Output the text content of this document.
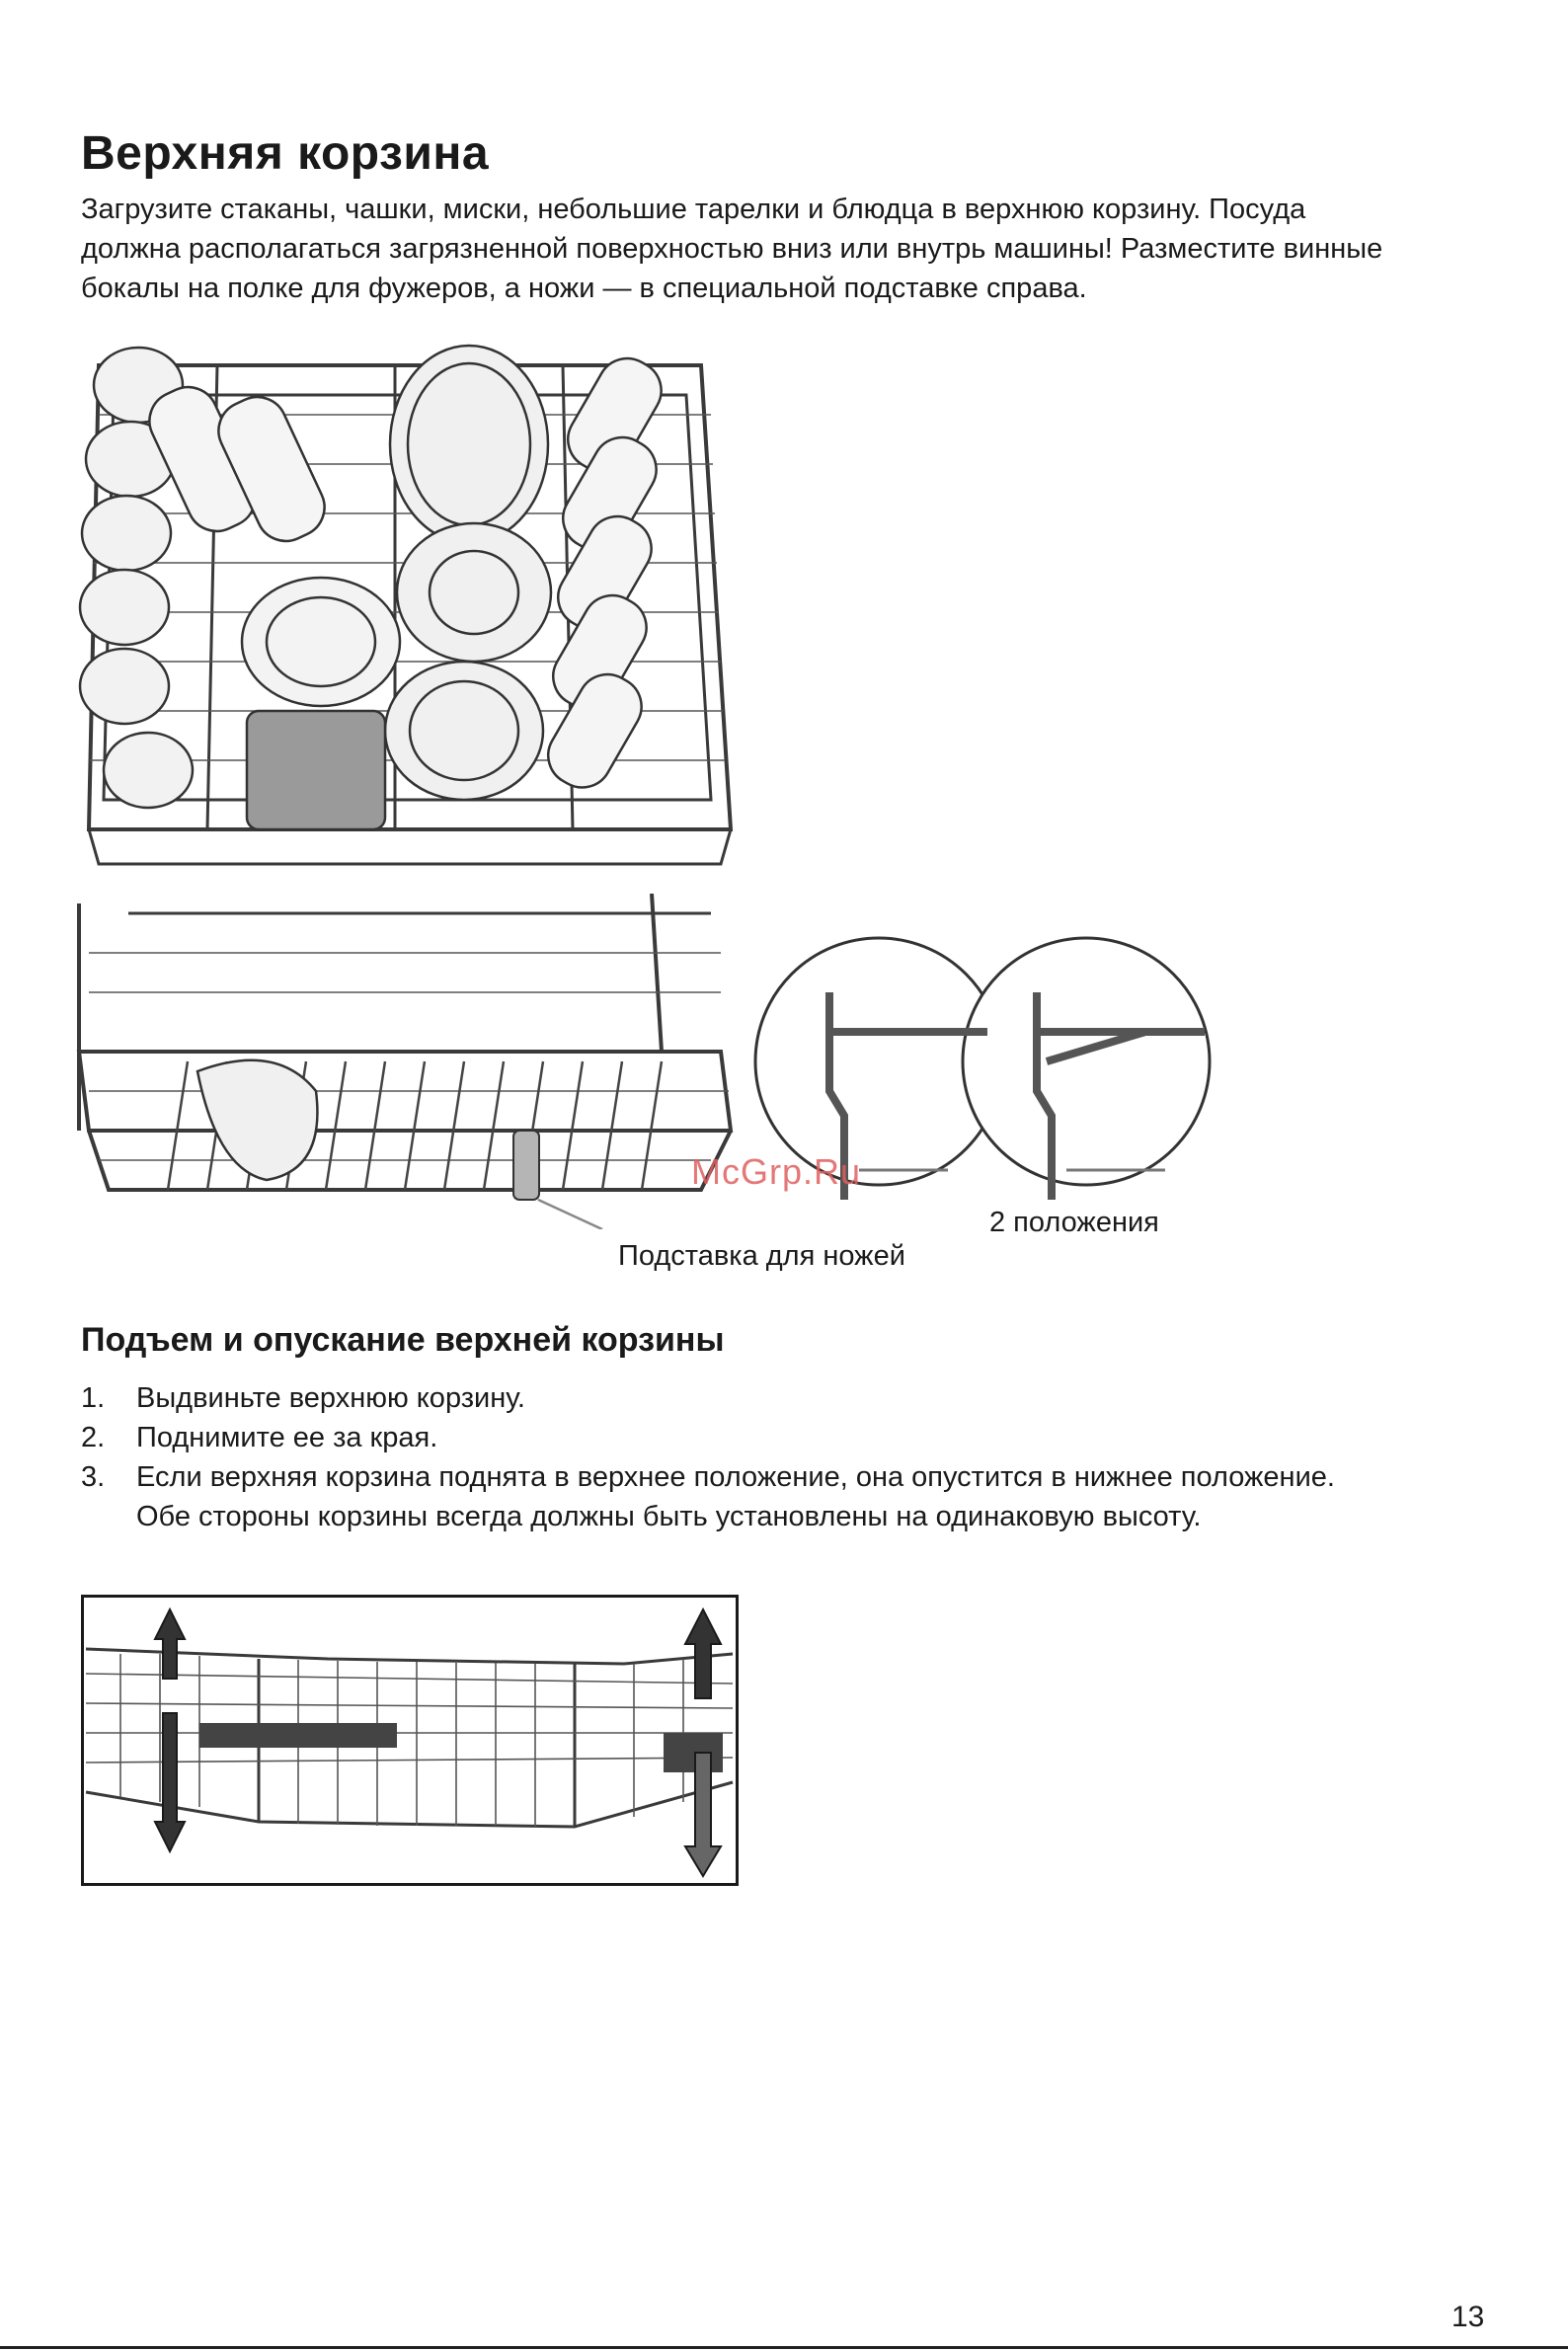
Верхняя корзина

Загрузите стаканы, чашки, миски, небольшие тарелки и блюдца в верхнюю корзину. Посуда
должна располагаться загрязненной поверхностью вниз или внутрь машины! Разместите винные
бокалы на полке для фужеров, а ножи — в специальной подставке справа.

McGrp.Ru

Подставка для ножей

2 положения

Подъем и опускание верхней корзины
1. Выдвиньте верхнюю корзину.
2. Поднимите ее за края.
3. Если верхняя корзина поднята в верхнее положение, она опустится в нижнее положение.
Обе стороны корзины всегда должны быть установлены на одинаковую высоту.

13
